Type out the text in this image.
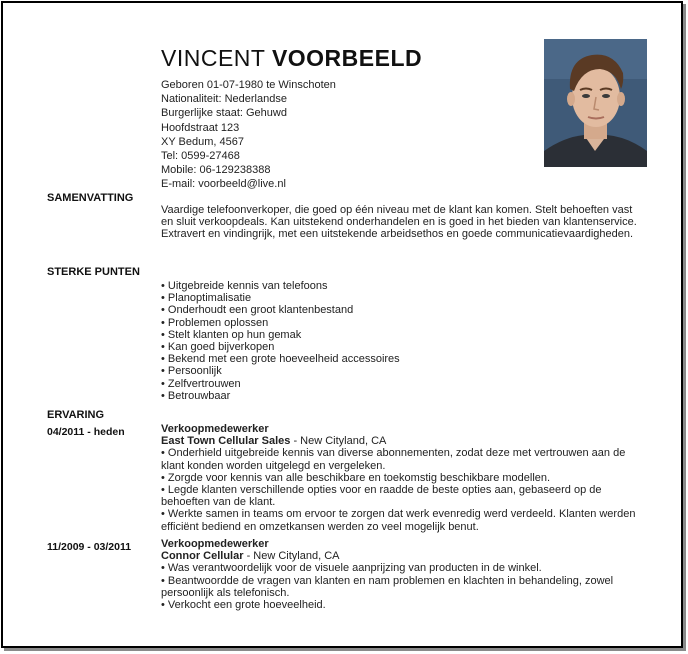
VINCENT VOORBEELD
Geboren 01-07-1980 te Winschoten
Nationaliteit: Nederlandse
Burgerlijke staat: Gehuwd
Hoofdstraat 123
XY Bedum, 4567
Tel: 0599-27468
Mobile: 06-129238388
E-mail: voorbeeld@live.nl
SAMENVATTING
Vaardige telefoonverkoper, die goed op één niveau met de klant kan komen. Stelt behoeften vast en sluit verkoopdeals. Kan uitstekend onderhandelen en is goed in het bieden van klantenservice. Extravert en vindingrijk, met een uitstekende arbeidsethos en goede communicatievaardigheden.
STERKE PUNTEN
• Uitgebreide kennis van telefoons
• Planoptimalisatie
• Onderhoudt een groot klantenbestand
• Problemen oplossen
• Stelt klanten op hun gemak
• Kan goed bijverkopen
• Bekend met een grote hoeveelheid accessoires
• Persoonlijk
• Zelfvertrouwen
• Betrouwbaar
ERVARING
04/2011 - heden	Verkoopmedewerker
East Town Cellular Sales - New Cityland, CA
• Onderhield uitgebreide kennis van diverse abonnementen, zodat deze met vertrouwen aan de klant konden worden uitgelegd en vergeleken.
• Zorgde voor kennis van alle beschikbare en toekomstig beschikbare modellen.
• Legde klanten verschillende opties voor en raadde de beste opties aan, gebaseerd op de behoeften van de klant.
• Werkte samen in teams om ervoor te zorgen dat werk evenredig werd verdeeld. Klanten werden efficiënt bediend en omzetkansen werden zo veel mogelijk benut.
11/2009 - 03/2011	Verkoopmedewerker
Connor Cellular - New Cityland, CA
• Was verantwoordelijk voor de visuele aanprijzing van producten in de winkel.
• Beantwoordde de vragen van klanten en nam problemen en klachten in behandeling, zowel persoonlijk als telefonisch.
• Verkocht een grote hoeveelheid.
